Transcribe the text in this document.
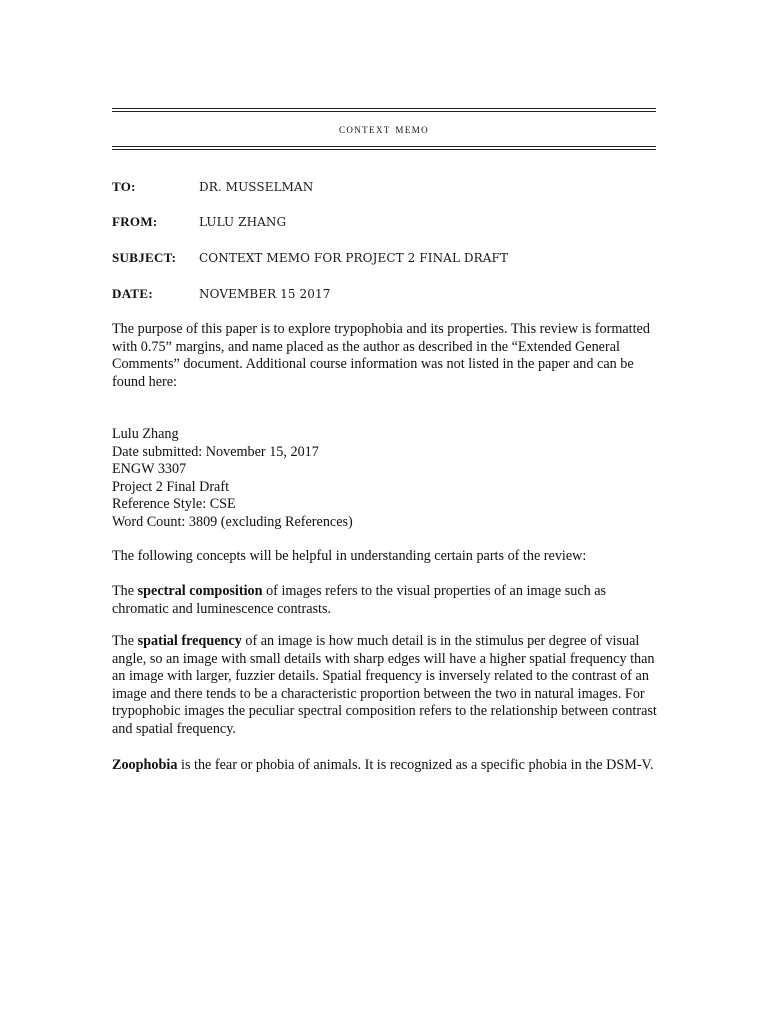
context memo
TO:	DR. MUSSELMAN
FROM:	LULU ZHANG
SUBJECT: CONTEXT MEMO FOR PROJECT 2 FINAL DRAFT
DATE:	NOVEMBER 15 2017

The purpose of this paper is to explore trypophobia and its properties. This review is formatted with 0.75” margins, and name placed as the author as described in the “Extended General Comments” document. Additional course information was not listed in the paper and can be found here:

Lulu Zhang
Date submitted: November 15, 2017
ENGW 3307
Project 2 Final Draft
Reference Style: CSE
Word Count: 3809 (excluding References)

The following concepts will be helpful in understanding certain parts of the review:

The spectral composition of images refers to the visual properties of an image such as chromatic and luminescence contrasts.

The spatial frequency of an image is how much detail is in the stimulus per degree of visual angle, so an image with small details with sharp edges will have a higher spatial frequency than an image with larger, fuzzier details. Spatial frequency is inversely related to the contrast of an image and there tends to be a characteristic proportion between the two in natural images. For trypophobic images the peculiar spectral composition refers to the relationship between contrast and spatial frequency.

Zoophobia is the fear or phobia of animals. It is recognized as a specific phobia in the DSM-V.
